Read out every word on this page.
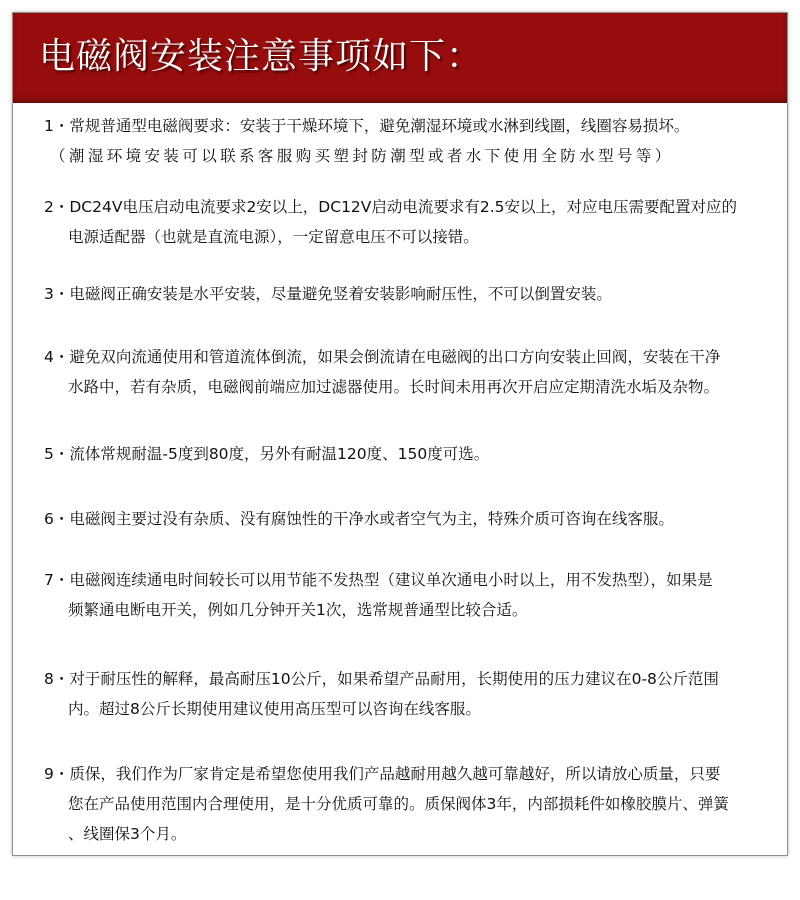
电磁阀安装注意事项如下：
1・常规普通型电磁阀要求：安装于干燥环境下，避免潮湿环境或水淋到线圈，线圈容易损坏。
（潮湿环境安装可以联系客服购买塑封防潮型或者水下使用全防水型号等）
2・DC24V电压启动电流要求2安以上，DC12V启动电流要求有2.5安以上，对应电压需要配置对应的
电源适配器（也就是直流电源），一定留意电压不可以接错。
3・电磁阀正确安装是水平安装，尽量避免竖着安装影响耐压性，不可以倒置安装。
4・避免双向流通使用和管道流体倒流，如果会倒流请在电磁阀的出口方向安装止回阀，安装在干净
水路中，若有杂质，电磁阀前端应加过滤器使用。长时间未用再次开启应定期清洗水垢及杂物。
5・流体常规耐温-5度到80度，另外有耐温120度、150度可选。
6・电磁阀主要过没有杂质、没有腐蚀性的干净水或者空气为主，特殊介质可咨询在线客服。
7・电磁阀连续通电时间较长可以用节能不发热型（建议单次通电小时以上，用不发热型），如果是
频繁通电断电开关，例如几分钟开关1次，选常规普通型比较合适。
8・对于耐压性的解释，最高耐压10公斤，如果希望产品耐用，长期使用的压力建议在0-8公斤范围
内。超过8公斤长期使用建议使用高压型可以咨询在线客服。
9・质保，我们作为厂家肯定是希望您使用我们产品越耐用越久越可靠越好，所以请放心质量，只要
您在产品使用范围内合理使用，是十分优质可靠的。质保阀体3年，内部损耗件如橡胶膜片、弹簧
、线圈保3个月。
